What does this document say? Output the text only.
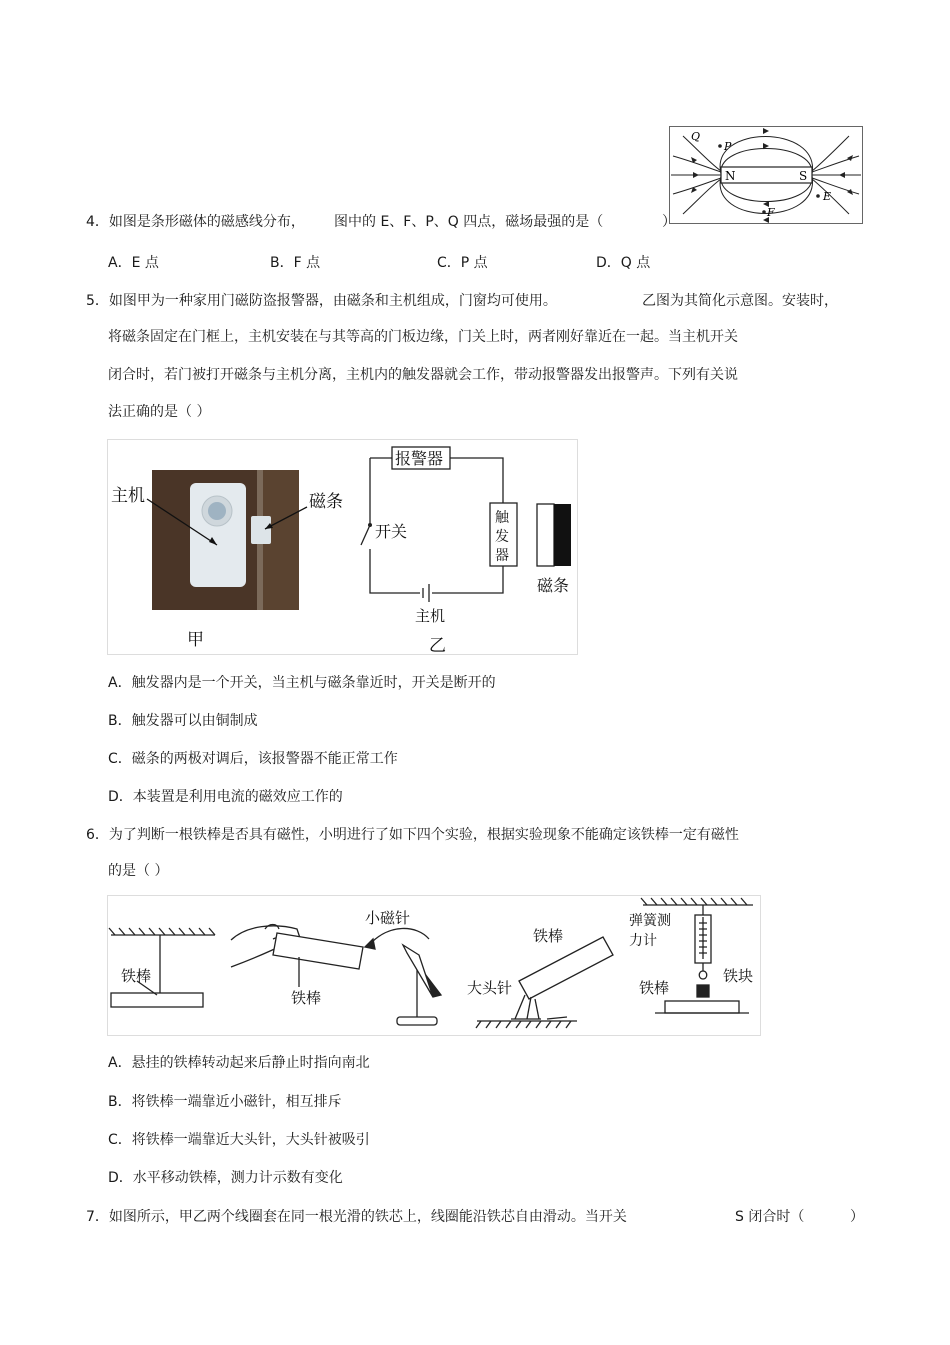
N	S
Q
P
E
F
4．如图是条形磁体的磁感线分布， 图中的 E、F、P、Q 四点，磁场最强的是（	）
A．E 点	B．F 点	C．P 点	D．Q 点
5．如图甲为一种家用门磁防盗报警器，由磁条和主机组成，门窗均可使用。	乙图为其简化示意图。安装时，
将磁条固定在门框上，主机安装在与其等高的门板边缘，门关上时，两者刚好靠近在一起。当主机开关
闭合时，若门被打开磁条与主机分离，主机内的触发器就会工作，带动报警器发出报警声。下列有关说
法正确的是（ ）
主机	磁条
甲
报警器
开关
触
发
器
主机
乙
磁条
A．触发器内是一个开关，当主机与磁条靠近时，开关是断开的
B．触发器可以由铜制成
C．磁条的两极对调后，该报警器不能正常工作
D．本装置是利用电流的磁效应工作的
6．为了判断一根铁棒是否具有磁性，小明进行了如下四个实验，根据实验现象不能确定该铁棒一定有磁性
的是（ ）
铁棒
小磁针
铁棒
铁棒
大头针
弹簧测
力计
铁块
铁棒
A．悬挂的铁棒转动起来后静止时指向南北
B．将铁棒一端靠近小磁针，相互排斥
C．将铁棒一端靠近大头针，大头针被吸引
D．水平移动铁棒，测力计示数有变化
7．如图所示，甲乙两个线圈套在同一根光滑的铁芯上，线圈能沿铁芯自由滑动。当开关	S 闭合时（	）
